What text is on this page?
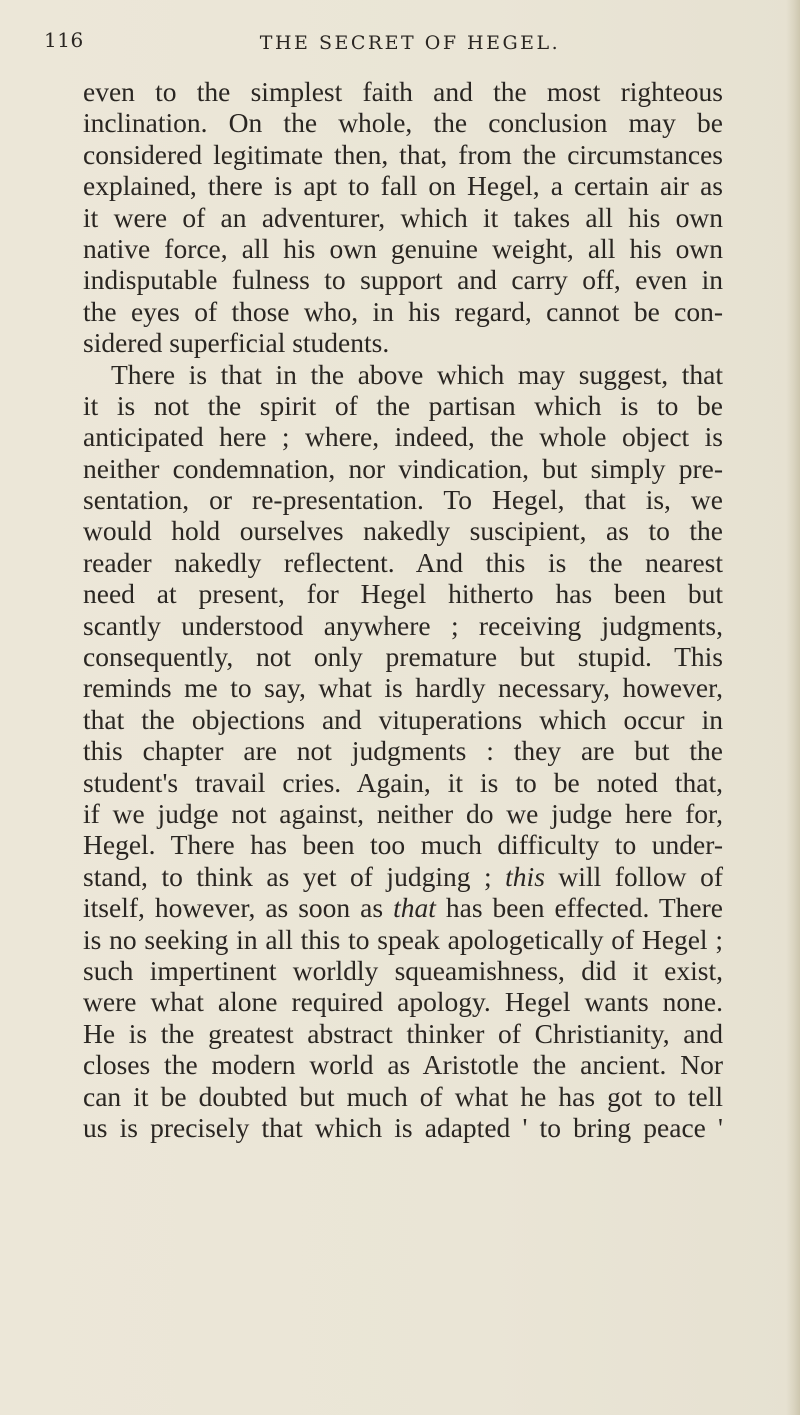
116	THE SECRET OF HEGEL.
even to the simplest faith and the most righteous
inclination. On the whole, the conclusion may be
considered legitimate then, that, from the circumstances
explained, there is apt to fall on Hegel, a certain air as
it were of an adventurer, which it takes all his own
native force, all his own genuine weight, all his own
indisputable fulness to support and carry off, even in
the eyes of those who, in his regard, cannot be con-
sidered superficial students.
There is that in the above which may suggest, that
it is not the spirit of the partisan which is to be
anticipated here ; where, indeed, the whole object is
neither condemnation, nor vindication, but simply pre-
sentation, or re-presentation. To Hegel, that is, we
would hold ourselves nakedly suscipient, as to the
reader nakedly reflectent. And this is the nearest
need at present, for Hegel hitherto has been but
scantly understood anywhere ; receiving judgments,
consequently, not only premature but stupid. This
reminds me to say, what is hardly necessary, however,
that the objections and vituperations which occur in
this chapter are not judgments : they are but the
student's travail cries. Again, it is to be noted that,
if we judge not against, neither do we judge here for,
Hegel. There has been too much difficulty to under-
stand, to think as yet of judging ; this will follow of
itself, however, as soon as that has been effected. There
is no seeking in all this to speak apologetically of Hegel ;
such impertinent worldly squeamishness, did it exist,
were what alone required apology. Hegel wants none.
He is the greatest abstract thinker of Christianity, and
closes the modern world as Aristotle the ancient. Nor
can it be doubted but much of what he has got to tell
us is precisely that which is adapted ' to bring peace '
